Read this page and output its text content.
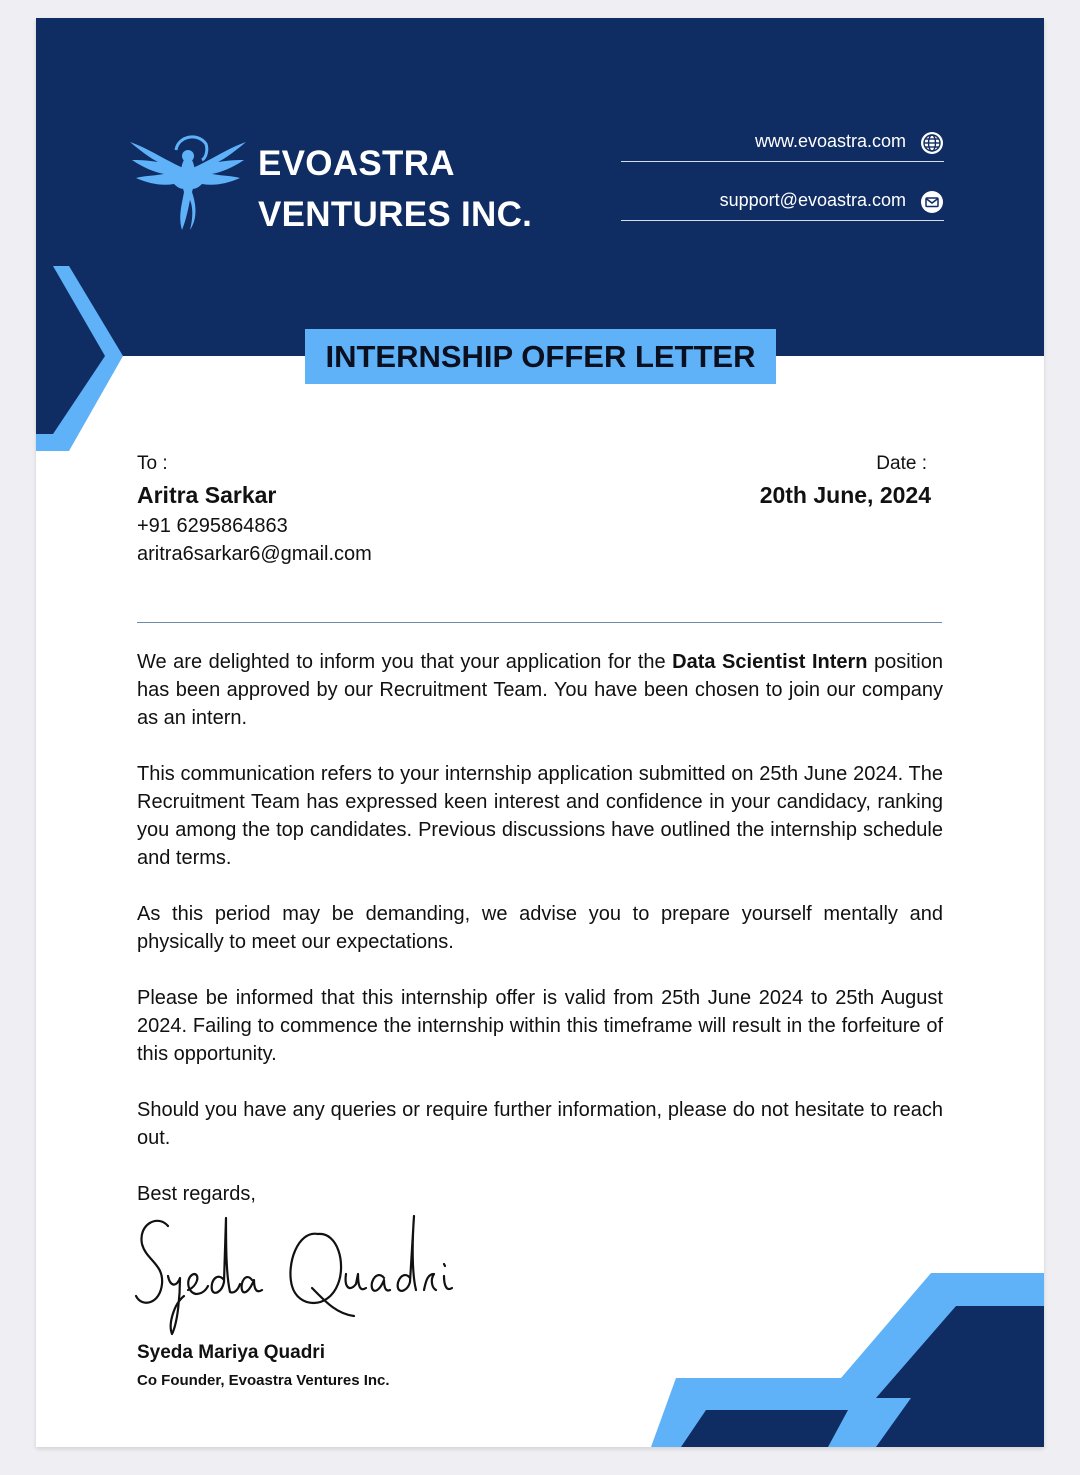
EVOASTRA
VENTURES INC.
www.evoastra.com
support@evoastra.com
INTERNSHIP OFFER LETTER
To :
Aritra Sarkar
+91 6295864863
aritra6sarkar6@gmail.com
Date :
20th June, 2024

We are delighted to inform you that your application for the Data Scientist Intern position has been approved by our Recruitment Team. You have been chosen to join our company as an intern.

This communication refers to your internship application submitted on 25th June 2024. The Recruitment Team has expressed keen interest and confidence in your candidacy, ranking you among the top candidates. Previous discussions have outlined the internship schedule and terms.

As this period may be demanding, we advise you to prepare yourself mentally and physically to meet our expectations.

Please be informed that this internship offer is valid from 25th June 2024 to 25th August 2024. Failing to commence the internship within this timeframe will result in the forfeiture of this opportunity.

Should you have any queries or require further information, please do not hesitate to reach out.

Best regards,
Syeda Mariya Quadri
Co Founder, Evoastra Ventures Inc.
